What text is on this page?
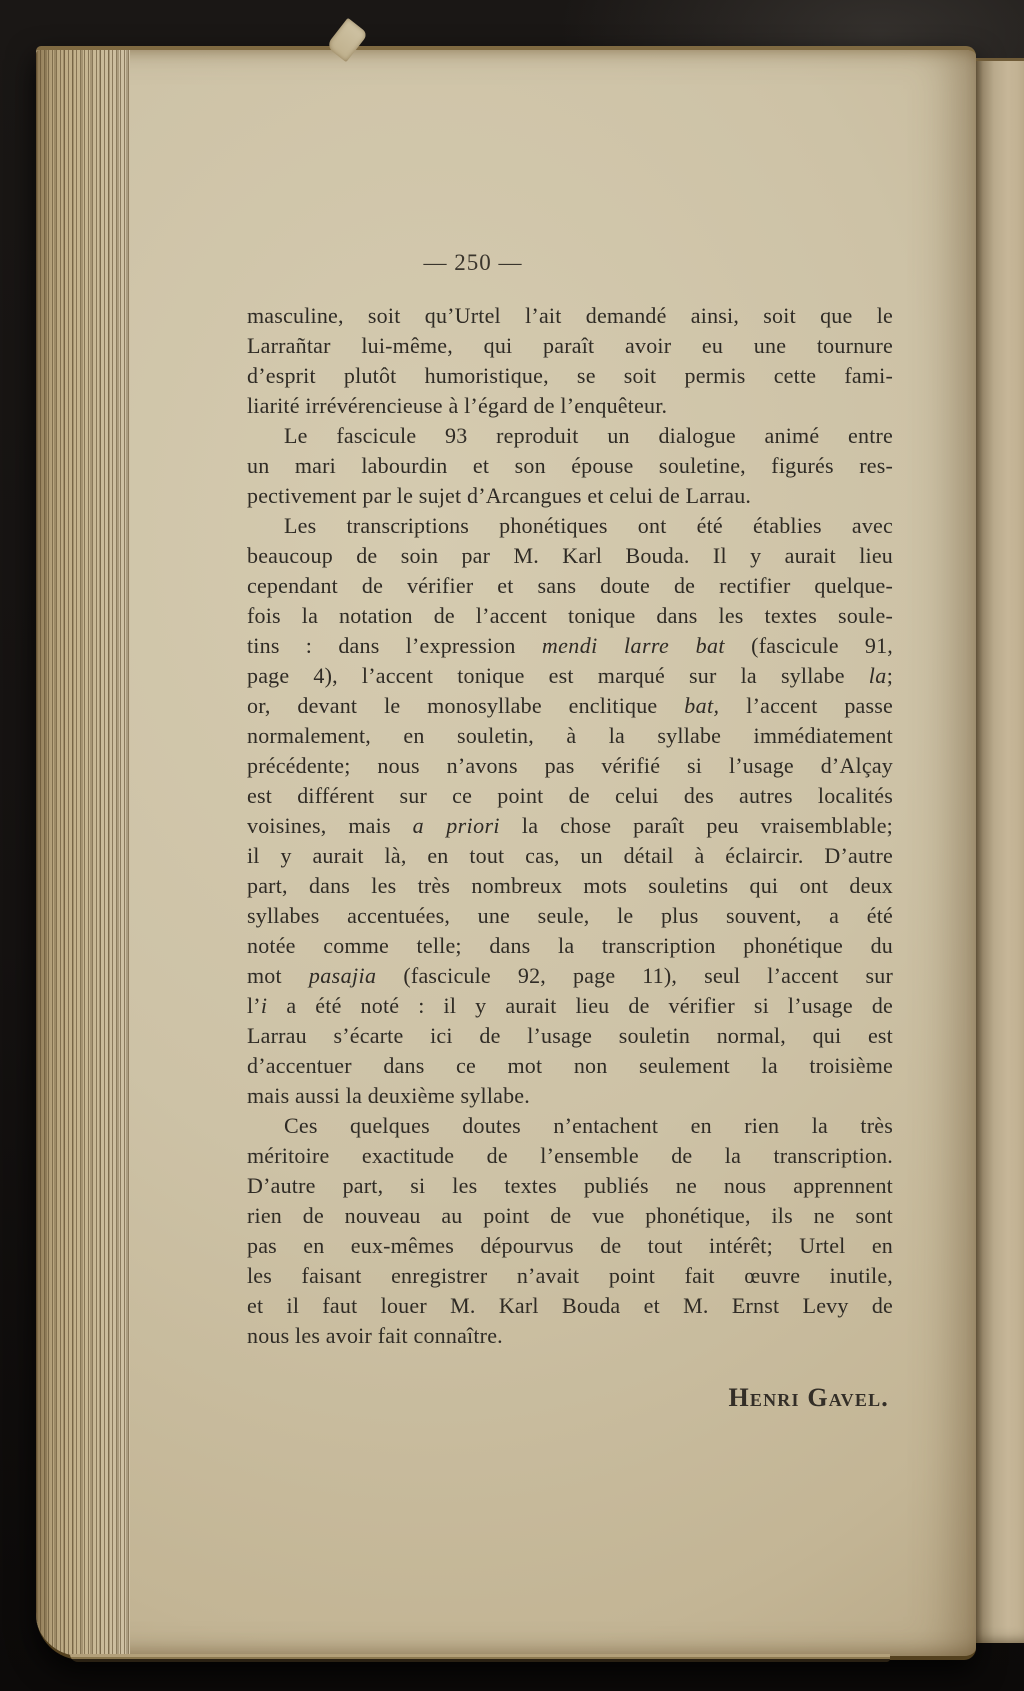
— 250 —
masculine, soit qu’Urtel l’ait demandé ainsi, soit que le
Larrañtar lui-même, qui paraît avoir eu une tournure
d’esprit plutôt humoristique, se soit permis cette fami-
liarité irrévérencieuse à l’égard de l’enquêteur.
Le fascicule 93 reproduit un dialogue animé entre
un mari labourdin et son épouse souletine, figurés res-
pectivement par le sujet d’Arcangues et celui de Larrau.
Les transcriptions phonétiques ont été établies avec
beaucoup de soin par M. Karl Bouda. Il y aurait lieu
cependant de vérifier et sans doute de rectifier quelque-
fois la notation de l’accent tonique dans les textes soule-
tins : dans l’expression mendi larre bat (fascicule 91,
page 4), l’accent tonique est marqué sur la syllabe la;
or, devant le monosyllabe enclitique bat, l’accent passe
normalement, en souletin, à la syllabe immédiatement
précédente; nous n’avons pas vérifié si l’usage d’Alçay
est différent sur ce point de celui des autres localités
voisines, mais a priori la chose paraît peu vraisemblable;
il y aurait là, en tout cas, un détail à éclaircir. D’autre
part, dans les très nombreux mots souletins qui ont deux
syllabes accentuées, une seule, le plus souvent, a été
notée comme telle; dans la transcription phonétique du
mot pasajia (fascicule 92, page 11), seul l’accent sur
l’i a été noté : il y aurait lieu de vérifier si l’usage de
Larrau s’écarte ici de l’usage souletin normal, qui est
d’accentuer dans ce mot non seulement la troisième
mais aussi la deuxième syllabe.
Ces quelques doutes n’entachent en rien la très
méritoire exactitude de l’ensemble de la transcription.
D’autre part, si les textes publiés ne nous apprennent
rien de nouveau au point de vue phonétique, ils ne sont
pas en eux-mêmes dépourvus de tout intérêt; Urtel en
les faisant enregistrer n’avait point fait œuvre inutile,
et il faut louer M. Karl Bouda et M. Ernst Levy de
nous les avoir fait connaître.
Henri Gavel.
